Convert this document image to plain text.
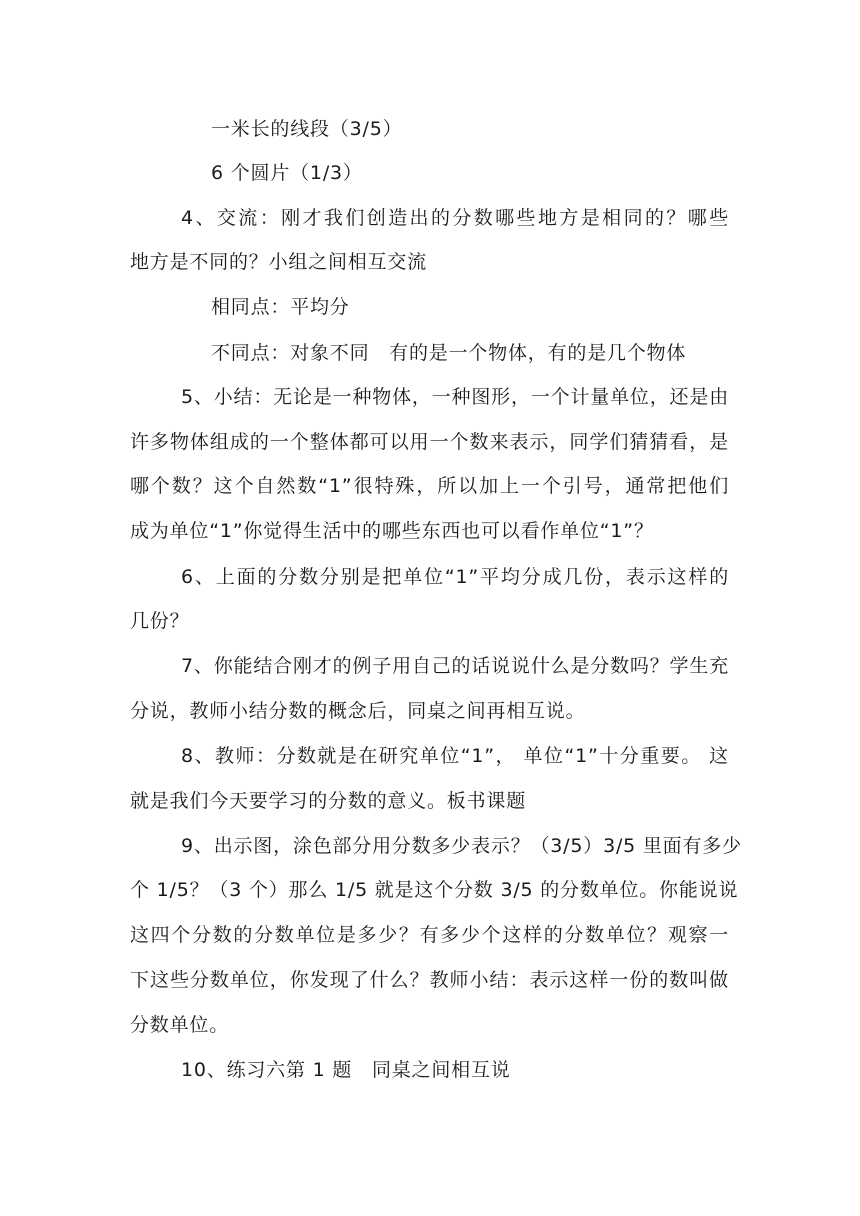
一米长的线段（3/5）
6 个圆片（1/3）
4、交流：刚才我们创造出的分数哪些地方是相同的？哪些
地方是不同的？小组之间相互交流
相同点：平均分
不同点：对象不同　有的是一个物体，有的是几个物体
5、小结：无论是一种物体，一种图形，一个计量单位，还是由
许多物体组成的一个整体都可以用一个数来表示，同学们猜猜看，是
哪个数？这个自然数“1”很特殊，所以加上一个引号，通常把他们
成为单位“1”你觉得生活中的哪些东西也可以看作单位“1”？
6、上面的分数分别是把单位“1”平均分成几份，表示这样的
几份？
7、你能结合刚才的例子用自己的话说说什么是分数吗？学生充
分说，教师小结分数的概念后，同桌之间再相互说。
8、教师：分数就是在研究单位“1”， 单位“1”十分重要。 这
就是我们今天要学习的分数的意义。板书课题
9、出示图，涂色部分用分数多少表示？（3/5）3/5 里面有多少
个 1/5？（3 个）那么 1/5 就是这个分数 3/5 的分数单位。你能说说
这四个分数的分数单位是多少？有多少个这样的分数单位？观察一
下这些分数单位，你发现了什么？教师小结：表示这样一份的数叫做
分数单位。
10、练习六第 1 题　同桌之间相互说
